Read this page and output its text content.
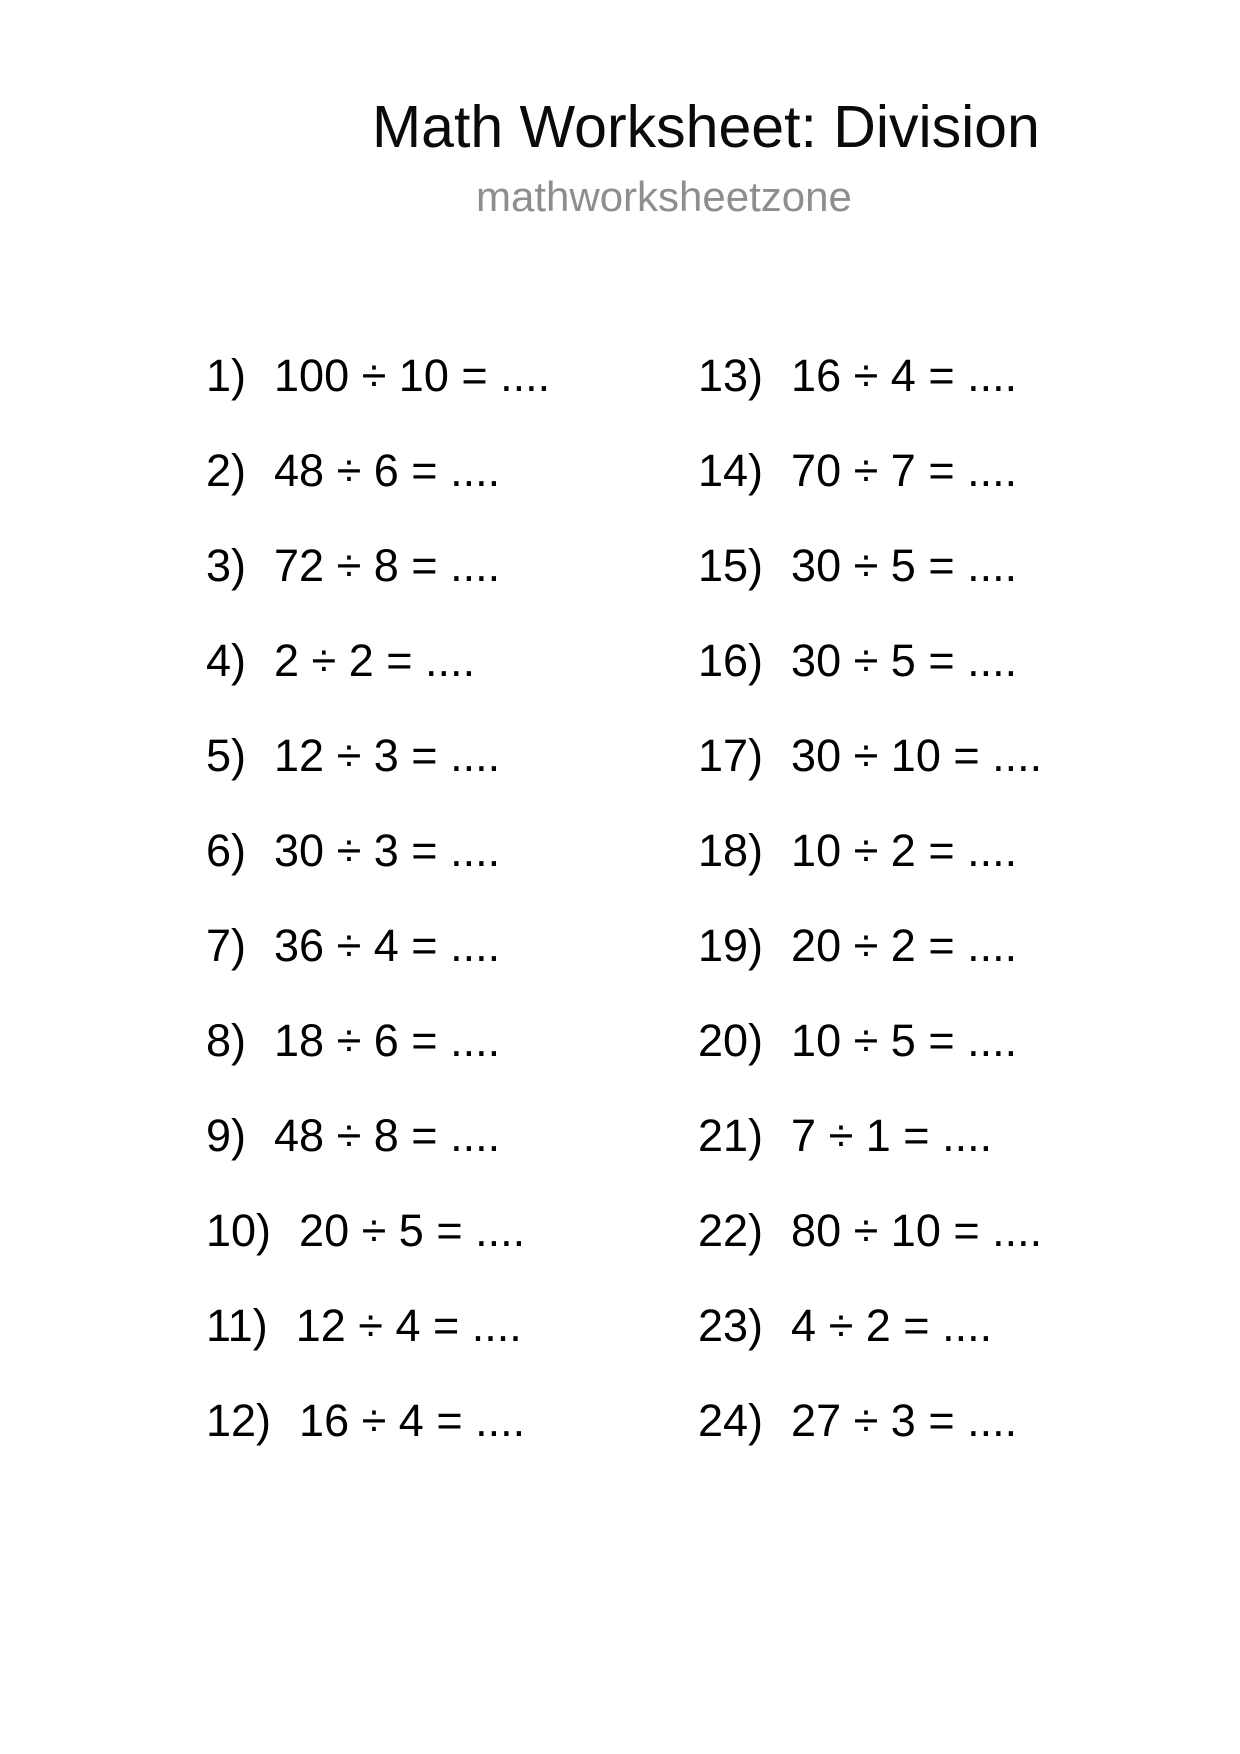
Math Worksheet: Division
mathworksheetzone
1) 100 ÷ 10 = ....
2) 48 ÷ 6 = ....
3) 72 ÷ 8 = ....
4) 2 ÷ 2 = ....
5) 12 ÷ 3 = ....
6) 30 ÷ 3 = ....
7) 36 ÷ 4 = ....
8) 18 ÷ 6 = ....
9) 48 ÷ 8 = ....
10) 20 ÷ 5 = ....
11) 12 ÷ 4 = ....
12) 16 ÷ 4 = ....
13) 16 ÷ 4 = ....
14) 70 ÷ 7 = ....
15) 30 ÷ 5 = ....
16) 30 ÷ 5 = ....
17) 30 ÷ 10 = ....
18) 10 ÷ 2 = ....
19) 20 ÷ 2 = ....
20) 10 ÷ 5 = ....
21) 7 ÷ 1 = ....
22) 80 ÷ 10 = ....
23) 4 ÷ 2 = ....
24) 27 ÷ 3 = ....
